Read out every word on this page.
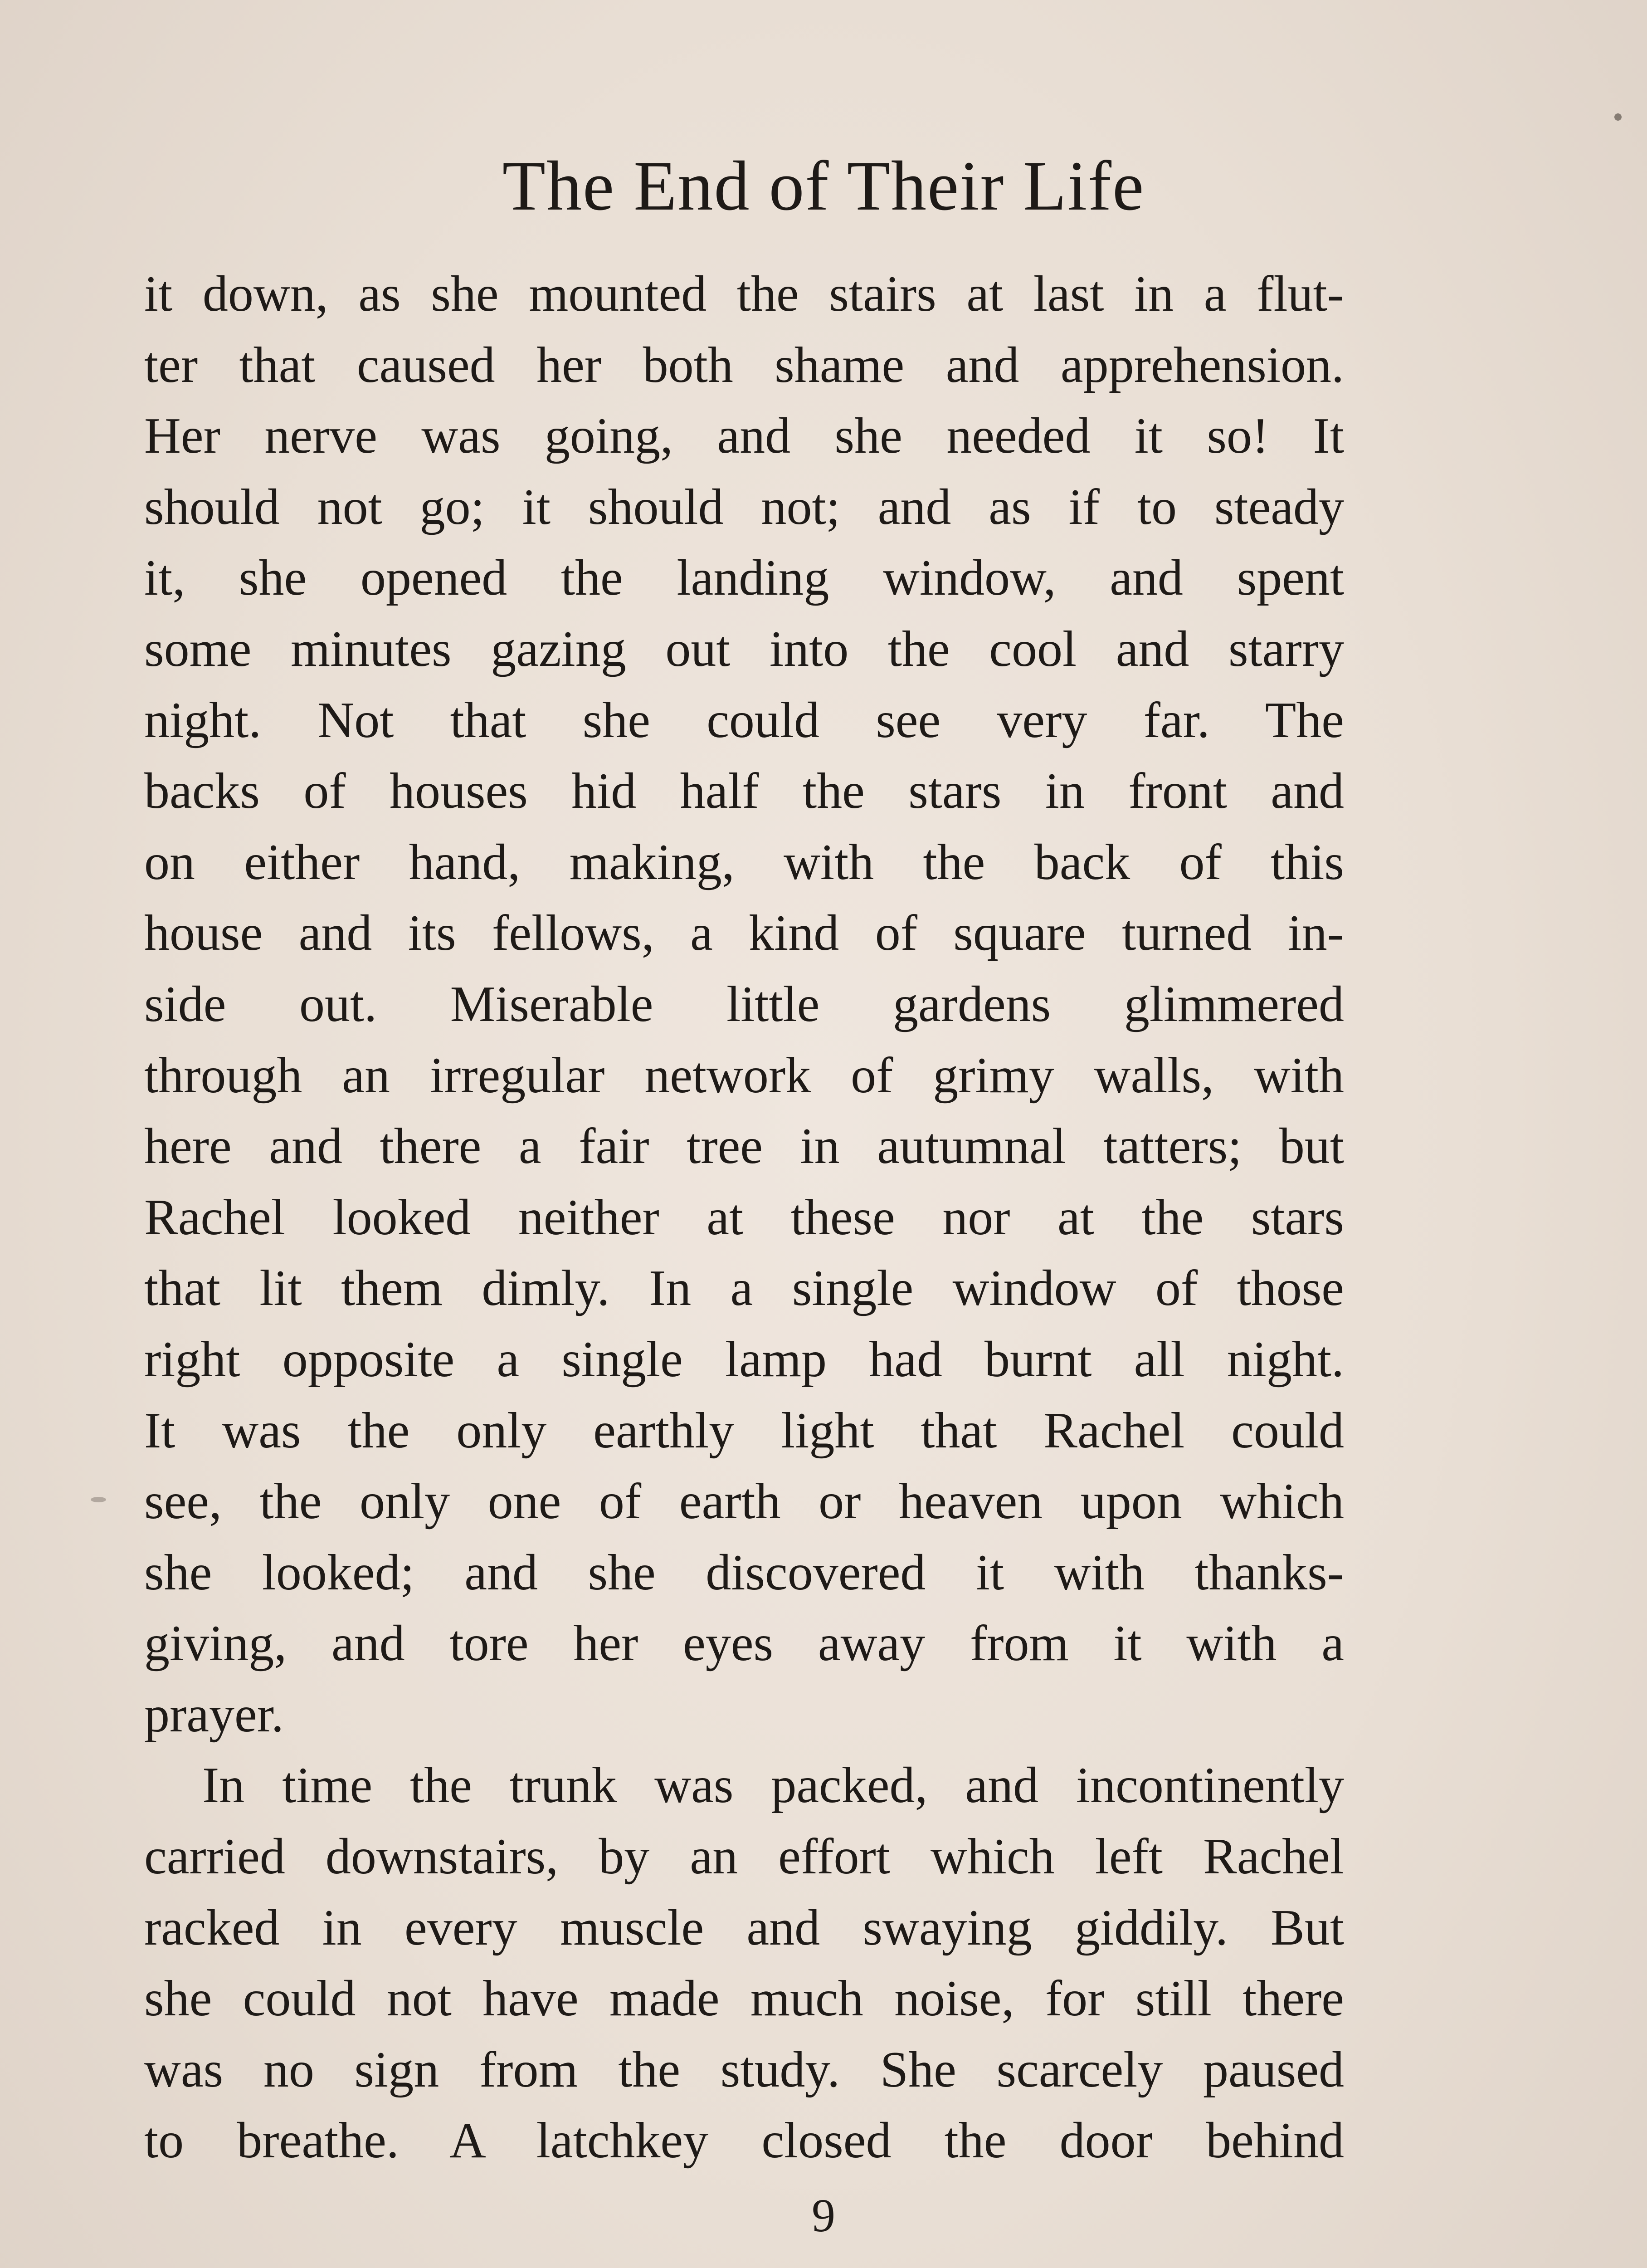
The End of Their Life

it down, as she mounted the stairs at last in a flut-
ter that caused her both shame and apprehension.
Her nerve was going, and she needed it so! It
should not go; it should not; and as if to steady
it, she opened the landing window, and spent
some minutes gazing out into the cool and starry
night. Not that she could see very far. The
backs of houses hid half the stars in front and
on either hand, making, with the back of this
house and its fellows, a kind of square turned in-
side out. Miserable little gardens glimmered
through an irregular network of grimy walls, with
here and there a fair tree in autumnal tatters; but
Rachel looked neither at these nor at the stars
that lit them dimly. In a single window of those
right opposite a single lamp had burnt all night.
It was the only earthly light that Rachel could
see, the only one of earth or heaven upon which
she looked; and she discovered it with thanks-
giving, and tore her eyes away from it with a
prayer.

In time the trunk was packed, and incontinently
carried downstairs, by an effort which left Rachel
racked in every muscle and swaying giddily. But
she could not have made much noise, for still there
was no sign from the study. She scarcely paused
to breathe. A latchkey closed the door behind

9
